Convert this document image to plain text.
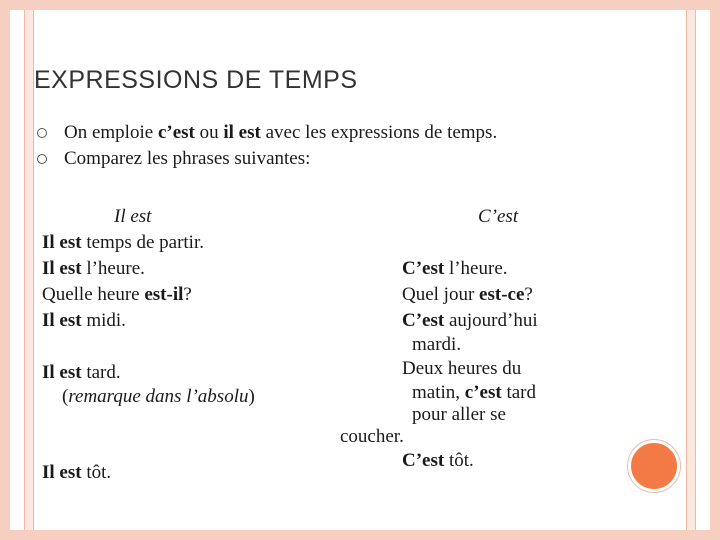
EXPRESSIONS DE TEMPS
On emploie c’est ou il est avec les expressions de temps.
Comparez les phrases suivantes:
Il est
Il est temps de partir.
Il est l’heure.
Quelle heure est-il?
Il est midi.
Il est tard.
(remarque dans l’absolu)
Il est tôt.
C’est
C’est l’heure.
Quel jour est-ce?
C’est aujourd’hui
mardi.
Deux heures du
matin, c’est tard
pour aller se
coucher.
C’est tôt.
